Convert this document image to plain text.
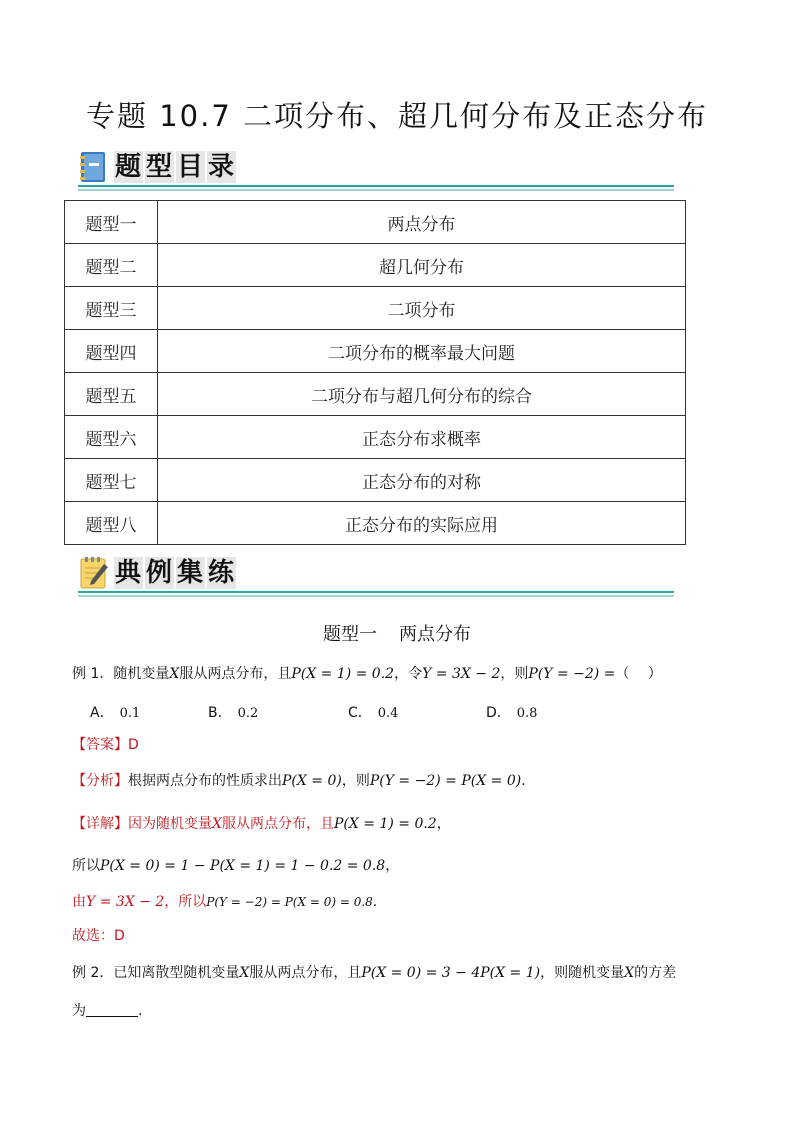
专题 10.7 二项分布、超几何分布及正态分布
题 型 目 录
题型一	两点分布
题型二	超几何分布
题型三	二项分布
题型四	二项分布的概率最大问题
题型五	二项分布与超几何分布的综合
题型六	正态分布求概率
题型七	正态分布的对称
题型八	正态分布的实际应用
典 例 集 练
题型一 两点分布
例 1．随机变量X服从两点分布，且P(X = 1) = 0.2，令Y = 3X − 2，则P(Y = −2) =（　 ）
A． 0.1	B． 0.2	C． 0.4	D． 0.8
【答案】D
【分析】根据两点分布的性质求出P(X = 0)，则P(Y = −2) = P(X = 0).
【详解】因为随机变量X服从两点分布，且P(X = 1) = 0.2，
所以P(X = 0) = 1 − P(X = 1) = 1 − 0.2 = 0.8，
由Y = 3X − 2，所以P(Y = −2) = P(X = 0) = 0.8.
故选：D
例 2．已知离散型随机变量X服从两点分布，且P(X = 0) = 3 − 4P(X = 1)，则随机变量X的方差
为	.
